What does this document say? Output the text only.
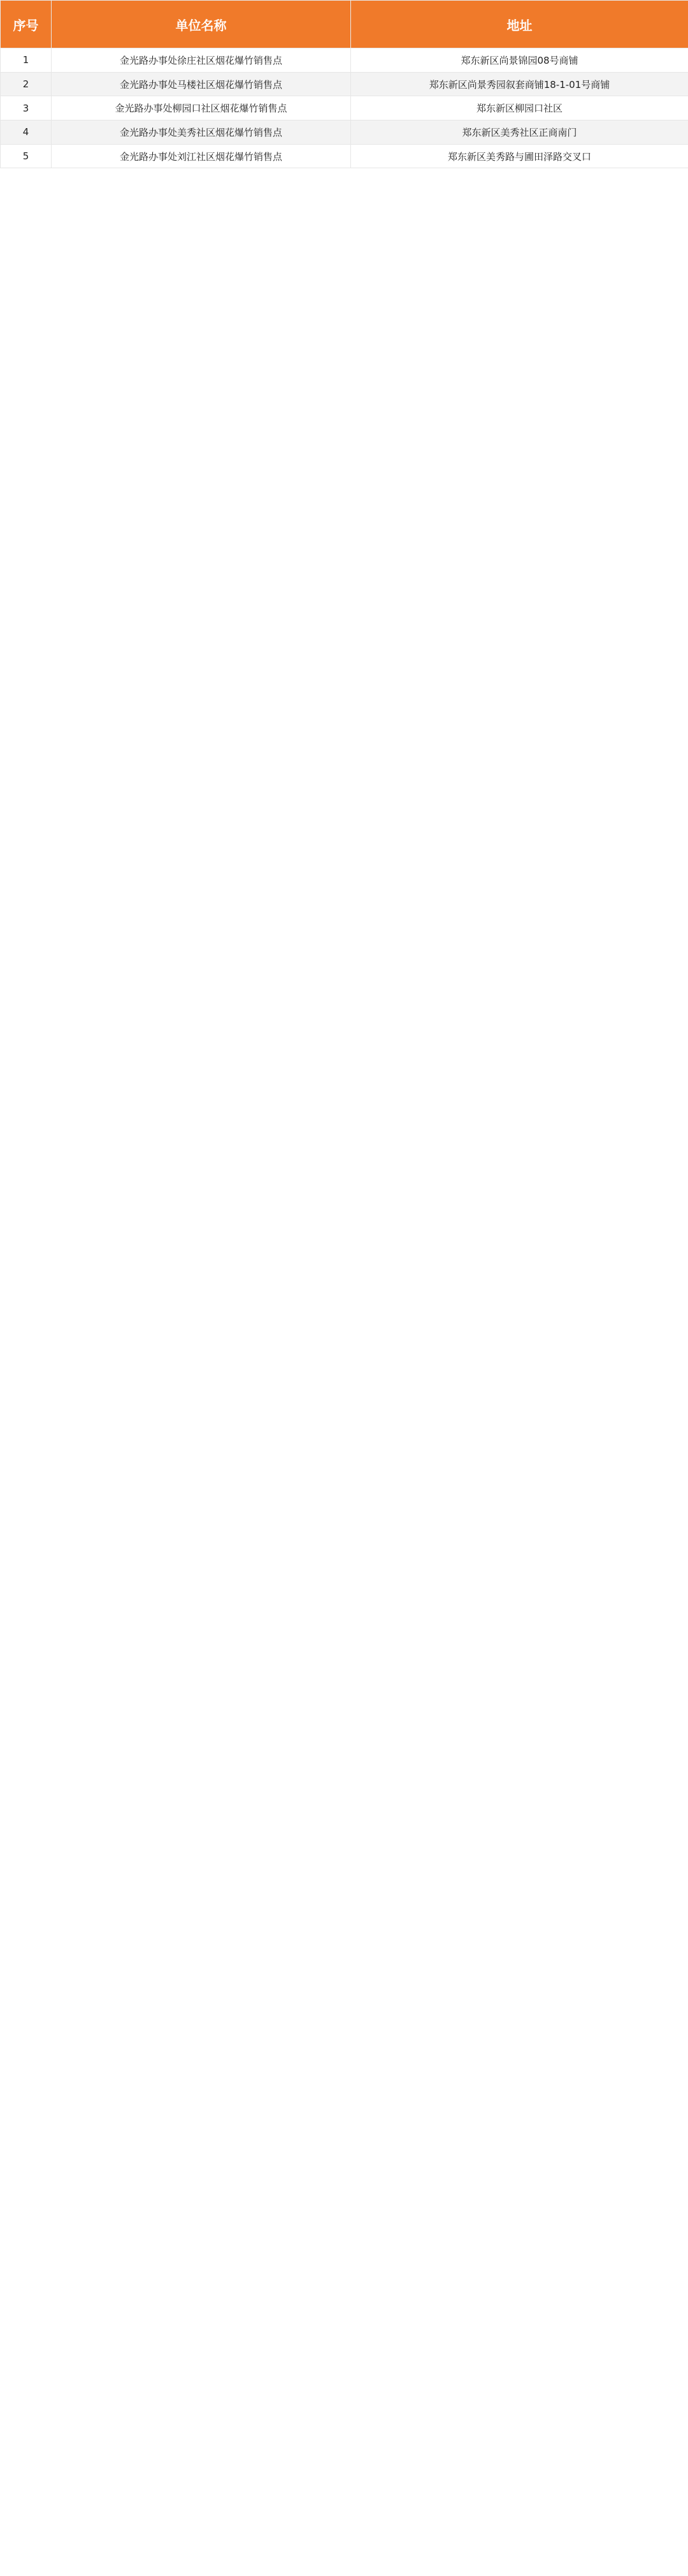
序号	单位名称	地址
1	金光路办事处徐庄社区烟花爆竹销售点	郑东新区尚景锦园08号商铺
2	金光路办事处马楼社区烟花爆竹销售点	郑东新区尚景秀园叙套商铺18-1-01号商铺
3	金光路办事处柳园口社区烟花爆竹销售点	郑东新区柳园口社区
4	金光路办事处美秀社区烟花爆竹销售点	郑东新区美秀社区正商南门
5	金光路办事处刘江社区烟花爆竹销售点	郑东新区美秀路与圃田泽路交叉口
